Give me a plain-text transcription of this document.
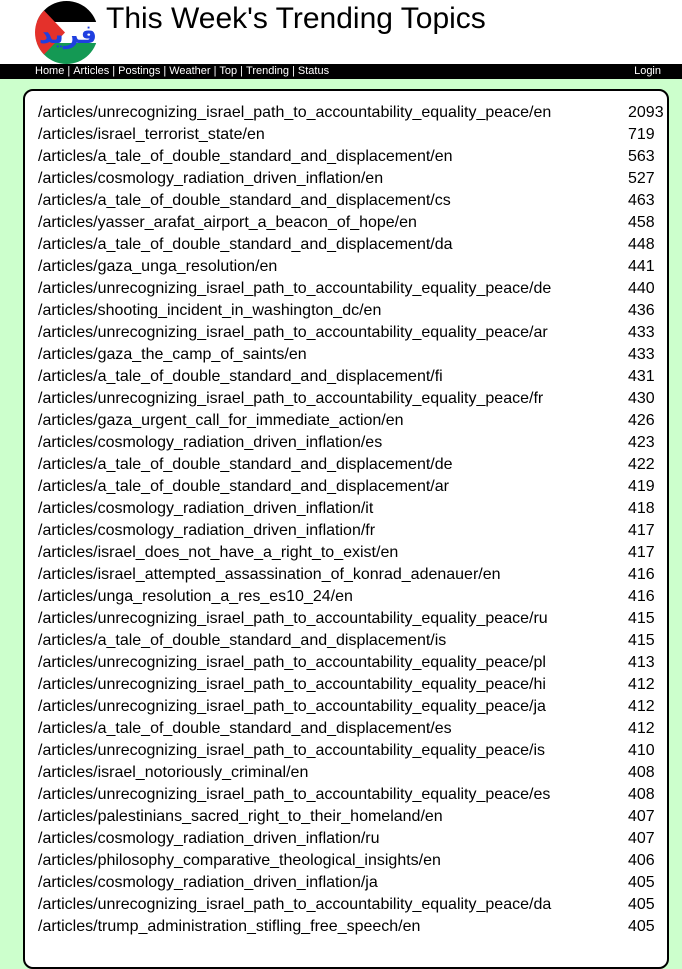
فريد This Week's Trending Topics
Home | Articles | Postings | Weather | Top | Trending | Status	Login
/articles/unrecognizing_israel_path_to_accountability_equality_peace/en	2093
/articles/israel_terrorist_state/en	719
/articles/a_tale_of_double_standard_and_displacement/en	563
/articles/cosmology_radiation_driven_inflation/en	527
/articles/a_tale_of_double_standard_and_displacement/cs	463
/articles/yasser_arafat_airport_a_beacon_of_hope/en	458
/articles/a_tale_of_double_standard_and_displacement/da	448
/articles/gaza_unga_resolution/en	441
/articles/unrecognizing_israel_path_to_accountability_equality_peace/de	440
/articles/shooting_incident_in_washington_dc/en	436
/articles/unrecognizing_israel_path_to_accountability_equality_peace/ar	433
/articles/gaza_the_camp_of_saints/en	433
/articles/a_tale_of_double_standard_and_displacement/fi	431
/articles/unrecognizing_israel_path_to_accountability_equality_peace/fr	430
/articles/gaza_urgent_call_for_immediate_action/en	426
/articles/cosmology_radiation_driven_inflation/es	423
/articles/a_tale_of_double_standard_and_displacement/de	422
/articles/a_tale_of_double_standard_and_displacement/ar	419
/articles/cosmology_radiation_driven_inflation/it	418
/articles/cosmology_radiation_driven_inflation/fr	417
/articles/israel_does_not_have_a_right_to_exist/en	417
/articles/israel_attempted_assassination_of_konrad_adenauer/en	416
/articles/unga_resolution_a_res_es10_24/en	416
/articles/unrecognizing_israel_path_to_accountability_equality_peace/ru	415
/articles/a_tale_of_double_standard_and_displacement/is	415
/articles/unrecognizing_israel_path_to_accountability_equality_peace/pl	413
/articles/unrecognizing_israel_path_to_accountability_equality_peace/hi	412
/articles/unrecognizing_israel_path_to_accountability_equality_peace/ja	412
/articles/a_tale_of_double_standard_and_displacement/es	412
/articles/unrecognizing_israel_path_to_accountability_equality_peace/is	410
/articles/israel_notoriously_criminal/en	408
/articles/unrecognizing_israel_path_to_accountability_equality_peace/es	408
/articles/palestinians_sacred_right_to_their_homeland/en	407
/articles/cosmology_radiation_driven_inflation/ru	407
/articles/philosophy_comparative_theological_insights/en	406
/articles/cosmology_radiation_driven_inflation/ja	405
/articles/unrecognizing_israel_path_to_accountability_equality_peace/da	405
/articles/trump_administration_stifling_free_speech/en	405
